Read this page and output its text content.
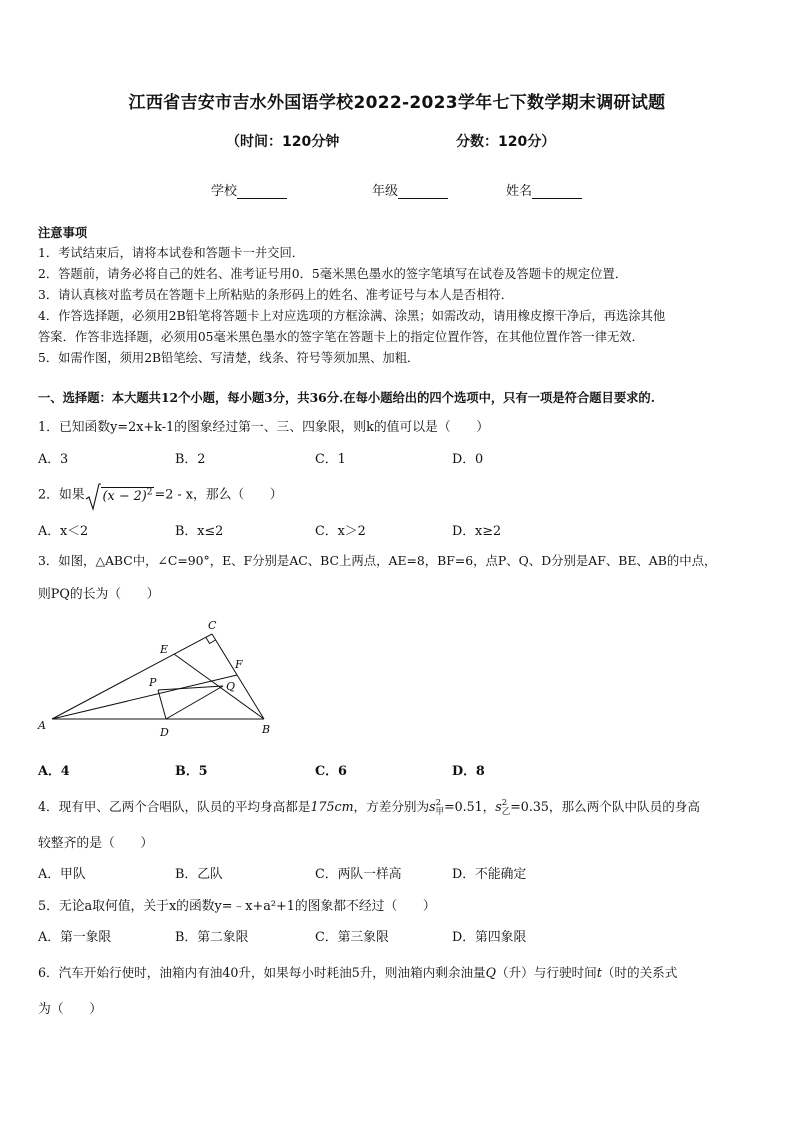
江西省吉安市吉水外国语学校2022-2023学年七下数学期末调研试题
（时间：120分钟	分数：120分）
学校	年级	姓名
注意事项
1．考试结束后，请将本试卷和答题卡一并交回．
2．答题前，请务必将自己的姓名、准考证号用0．5毫米黑色墨水的签字笔填写在试卷及答题卡的规定位置．
3．请认真核对监考员在答题卡上所粘贴的条形码上的姓名、准考证号与本人是否相符．
4．作答选择题，必须用2B铅笔将答题卡上对应选项的方框涂满、涂黑；如需改动，请用橡皮擦干净后，再选涂其他
答案．作答非选择题，必须用05毫米黑色墨水的签字笔在答题卡上的指定位置作答，在其他位置作答一律无效．
5．如需作图，须用2B铅笔绘、写清楚，线条、符号等须加黑、加粗．
一、选择题：本大题共12个小题，每小题3分，共36分.在每小题给出的四个选项中，只有一项是符合题目要求的.
1．已知函数y=2x+k-1的图象经过第一、三、四象限，则k的值可以是（　　）
A．3	B．2	C．1	D．0
2．如果 $(x - 2)^2 =2 - x$，那么（　　）
A．x＜2	B．x≤2	C．x＞2	D．x≥2
3．如图，△ABC中，∠C=90°，E、F分别是AC、BC上两点，AE=8，BF=6，点P、Q、D分别是AF、BE、AB的中点，
则PQ的长为（　　）
A	B
C
D
E
F
P	Q
A．4	B．5	C．6	D．8
4．现有甲、乙两个合唱队，队员的平均身高都是175cm，方差分别为s 2
甲 =0.51，s 2
乙 =0.35，那么两个队中队员的身高
较整齐的是（　　）
A．甲队	B．乙队	C．两队一样高	D．不能确定
5．无论a取何值，关于x的函数y=﹣x+a²+1的图象都不经过（　　）
A．第一象限	B．第二象限	C．第三象限	D．第四象限
6．汽车开始行使时，油箱内有油40升，如果每小时耗油5升，则油箱内剩余油量Q（升）与行驶时间t（时的关系式
为（　　）
